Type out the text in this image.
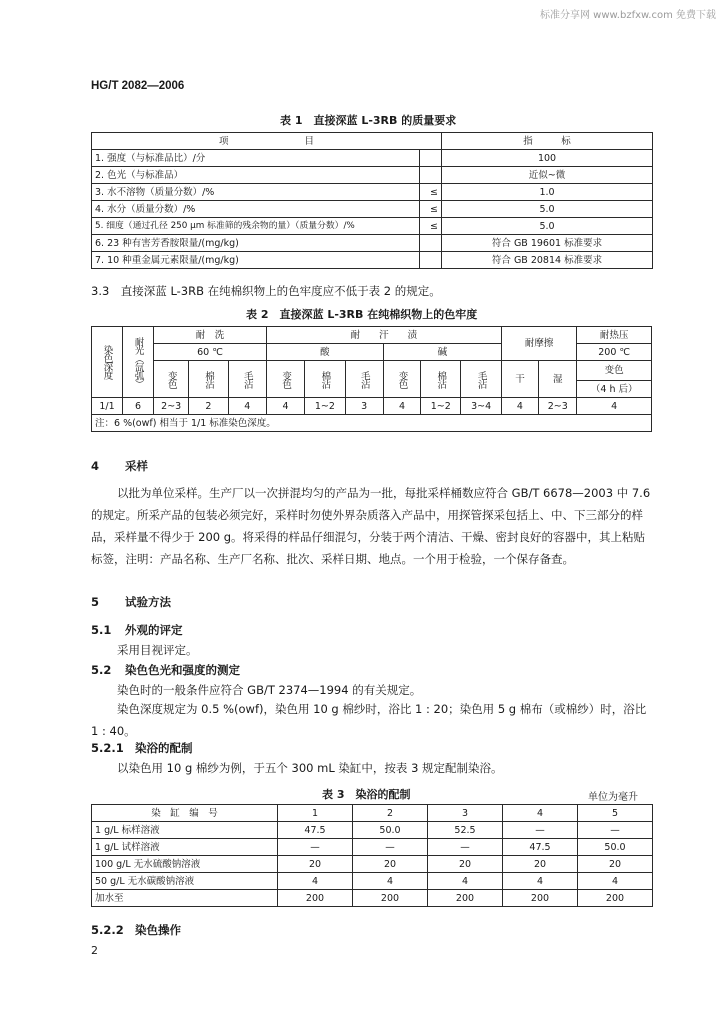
标准分享网 www.bzfxw.com 免费下载
HG/T 2082—2006
表 1　直接深蓝 L-3RB 的质量要求
项　　　　　　　　目		指　　　标
1. 强度（与标准品比）/分		100
2. 色光（与标准品）		近似~微
3. 水不溶物（质量分数）/%	≤	1.0
4. 水分（质量分数）/%	≤	5.0
5. 细度（通过孔径 250 μm 标准筛的残余物的量）（质量分数）/%	≤	5.0
6. 23 种有害芳香胺限量/(mg/kg)		符合 GB 19601 标准要求
7. 10 种重金属元素限量/(mg/kg)		符合 GB 20814 标准要求
3.3　直接深蓝 L-3RB 在纯棉织物上的色牢度应不低于表 2 的规定。
表 2　直接深蓝 L-3RB 在纯棉织物上的色牢度
染色深度	耐光（氙弧）	耐　洗			耐　　汗　　渍						耐摩擦		耐热压
		60 ℃			酸			碱					200 ℃
		变色	棉沾	毛沾	变色	棉沾	毛沾	变色	棉沾	毛沾	干	湿	变色
													（4 h 后）
1/1	6	2~3	2	4	4	1~2	3	4	1~2	3~4	4	2~3	4
注：6 %(owf) 相当于 1/1 标准染色深度。													
4 采样
以批为单位采样。生产厂以一次拼混均匀的产品为一批，每批采样桶数应符合 GB/T 6678—2003 中 7.6 的规定。所采产品的包装必须完好，采样时勿使外界杂质落入产品中，用探管探采包括上、中、下三部分的样品，采样量不得少于 200 g。将采得的样品仔细混匀，分装于两个清洁、干燥、密封良好的容器中，其上粘贴标签，注明：产品名称、生产厂名称、批次、采样日期、地点。一个用于检验，一个保存备查。
5 试验方法
5.1 外观的评定
采用目视评定。
5.2 染色色光和强度的测定
染色时的一般条件应符合 GB/T 2374—1994 的有关规定。
染色深度规定为 0.5 %(owf)，染色用 10 g 棉纱时，浴比 1 : 20；染色用 5 g 棉布（或棉纱）时，浴比 1 : 40。
5.2.1 染浴的配制
以染色用 10 g 棉纱为例，于五个 300 mL 染缸中，按表 3 规定配制染浴。
表 3　染浴的配制	单位为毫升
染　缸　编　号	1	2	3	4	5
1 g/L 标样溶液	47.5	50.0	52.5	—	—
1 g/L 试样溶液	—	—	—	47.5	50.0
100 g/L 无水硫酸钠溶液	20	20	20	20	20
50 g/L 无水碳酸钠溶液	4	4	4	4	4
加水至	200	200	200	200	200
5.2.2 染色操作
2
